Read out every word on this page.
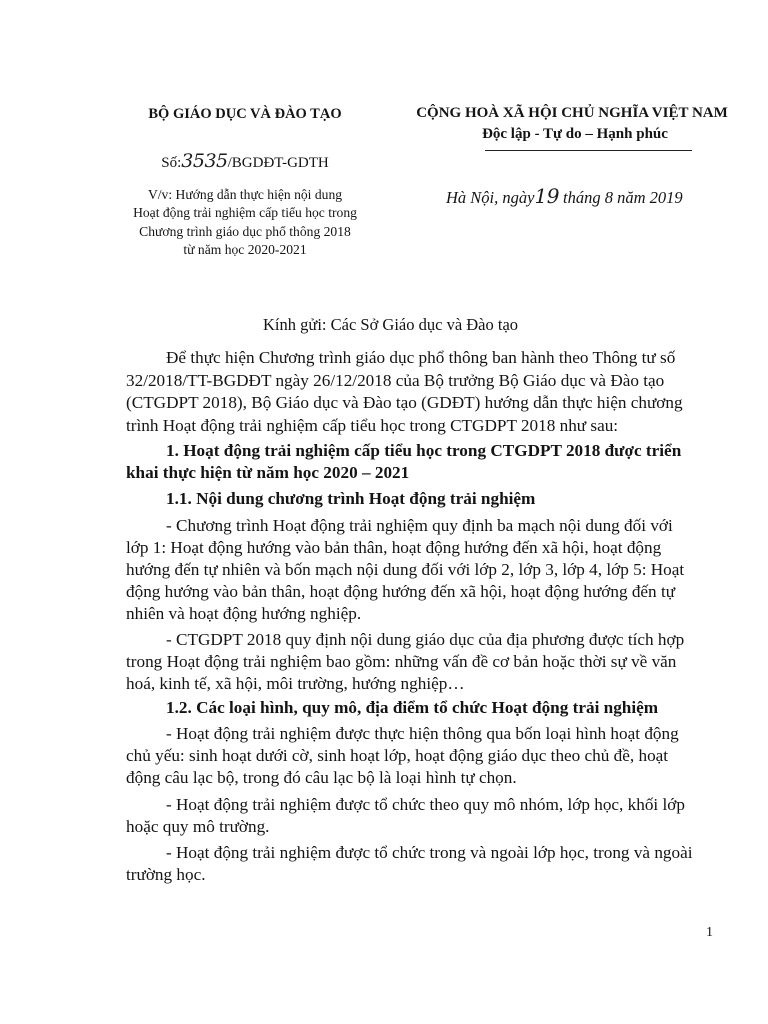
BỘ GIÁO DỤC VÀ ĐÀO TẠO
Số:3535/BGDĐT-GDTH
V/v: Hướng dẫn thực hiện nội dung
Hoạt động trải nghiệm cấp tiểu học trong
Chương trình giáo dục phổ thông 2018
từ năm học 2020-2021
CỘNG HOÀ XÃ HỘI CHỦ NGHĨA VIỆT NAM
Độc lập - Tự do – Hạnh phúc
Hà Nội, ngày19 tháng 8 năm 2019
Kính gửi: Các Sở Giáo dục và Đào tạo
Để thực hiện Chương trình giáo dục phổ thông ban hành theo Thông tư số
32/2018/TT-BGDĐT ngày 26/12/2018 của Bộ trưởng Bộ Giáo dục và Đào tạo
(CTGDPT 2018), Bộ Giáo dục và Đào tạo (GDĐT) hướng dẫn thực hiện chương
trình Hoạt động trải nghiệm cấp tiểu học trong CTGDPT 2018 như sau:
1. Hoạt động trải nghiệm cấp tiểu học trong CTGDPT 2018 được triển
khai thực hiện từ năm học 2020 – 2021
1.1. Nội dung chương trình Hoạt động trải nghiệm
- Chương trình Hoạt động trải nghiệm quy định ba mạch nội dung đối với
lớp 1: Hoạt động hướng vào bản thân, hoạt động hướng đến xã hội, hoạt động
hướng đến tự nhiên và bốn mạch nội dung đối với lớp 2, lớp 3, lớp 4, lớp 5: Hoạt
động hướng vào bản thân, hoạt động hướng đến xã hội, hoạt động hướng đến tự
nhiên và hoạt động hướng nghiệp.
- CTGDPT 2018 quy định nội dung giáo dục của địa phương được tích hợp
trong Hoạt động trải nghiệm bao gồm: những vấn đề cơ bản hoặc thời sự về văn
hoá, kinh tế, xã hội, môi trường, hướng nghiệp…
1.2. Các loại hình, quy mô, địa điểm tổ chức Hoạt động trải nghiệm
- Hoạt động trải nghiệm được thực hiện thông qua bốn loại hình hoạt động
chủ yếu: sinh hoạt dưới cờ, sinh hoạt lớp, hoạt động giáo dục theo chủ đề, hoạt
động câu lạc bộ, trong đó câu lạc bộ là loại hình tự chọn.
- Hoạt động trải nghiệm được tổ chức theo quy mô nhóm, lớp học, khối lớp
hoặc quy mô trường.
- Hoạt động trải nghiệm được tổ chức trong và ngoài lớp học, trong và ngoài
trường học.
1
